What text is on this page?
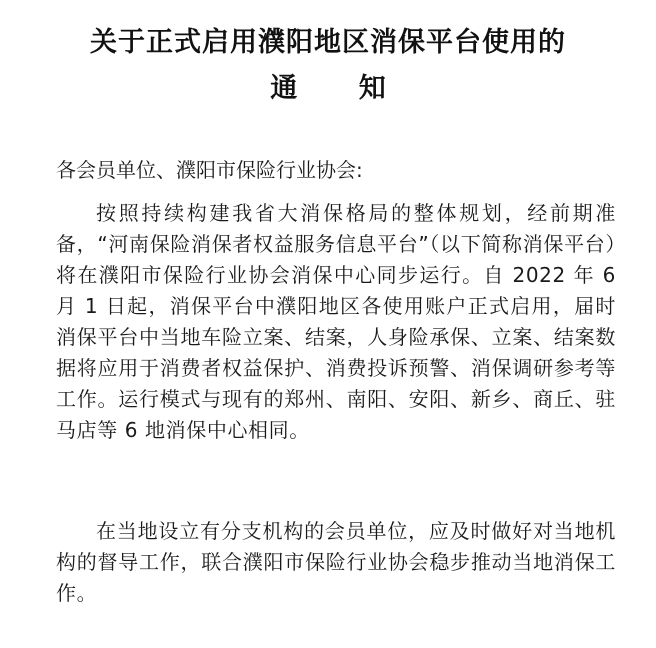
关于正式启用濮阳地区消保平台使用的
通 知
各会员单位、濮阳市保险行业协会:
按照持续构建我省大消保格局的整体规划，经前期准备，“河南保险消保者权益服务信息平台”（以下简称消保平台）将在濮阳市保险行业协会消保中心同步运行。自 2022 年 6 月 1 日起，消保平台中濮阳地区各使用账户正式启用，届时消保平台中当地车险立案、结案，人身险承保、立案、结案数据将应用于消费者权益保护、消费投诉预警、消保调研参考等工作。运行模式与现有的郑州、南阳、安阳、新乡、商丘、驻马店等 6 地消保中心相同。
在当地设立有分支机构的会员单位，应及时做好对当地机构的督导工作，联合濮阳市保险行业协会稳步推动当地消保工作。
